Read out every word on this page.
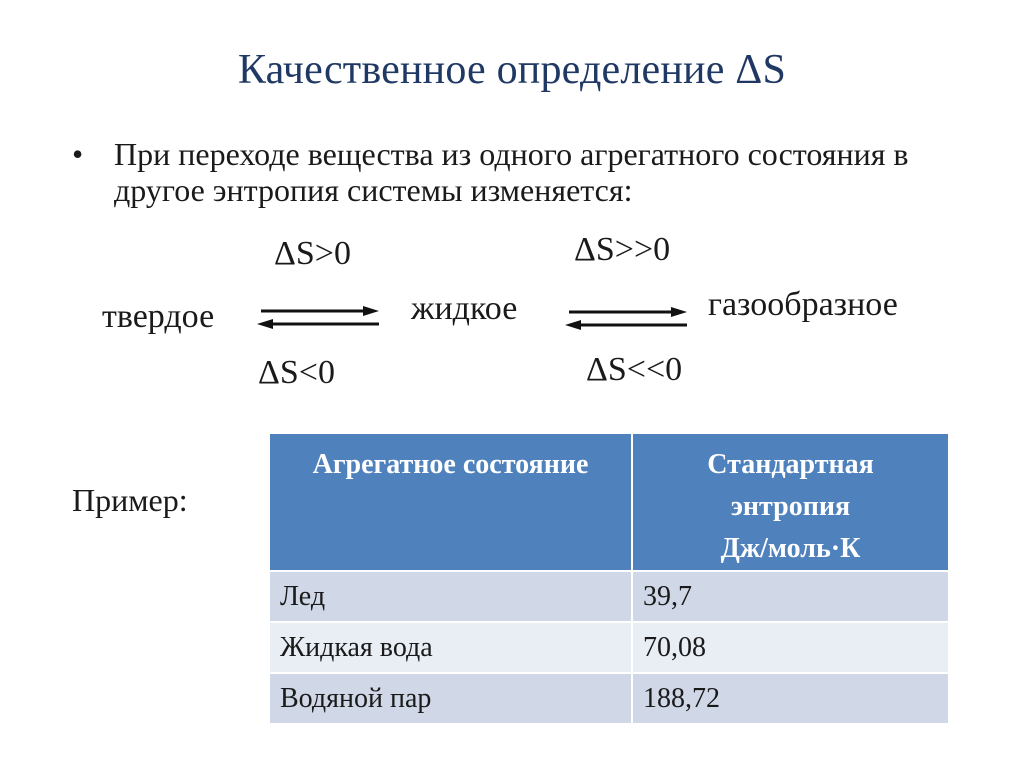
Качественное определение ΔS
• При переходе вещества из одного агрегатного состояния в другое энтропия системы изменяется:
ΔS>0
твердое
ΔS<0
жидкое
ΔS>>0
газообразное
ΔS<<0
Пример:
Агрегатное состояние	Стандартная энтропия
Дж/моль·К

Лед	39,7
Жидкая вода	70,08
Водяной пар	188,72
